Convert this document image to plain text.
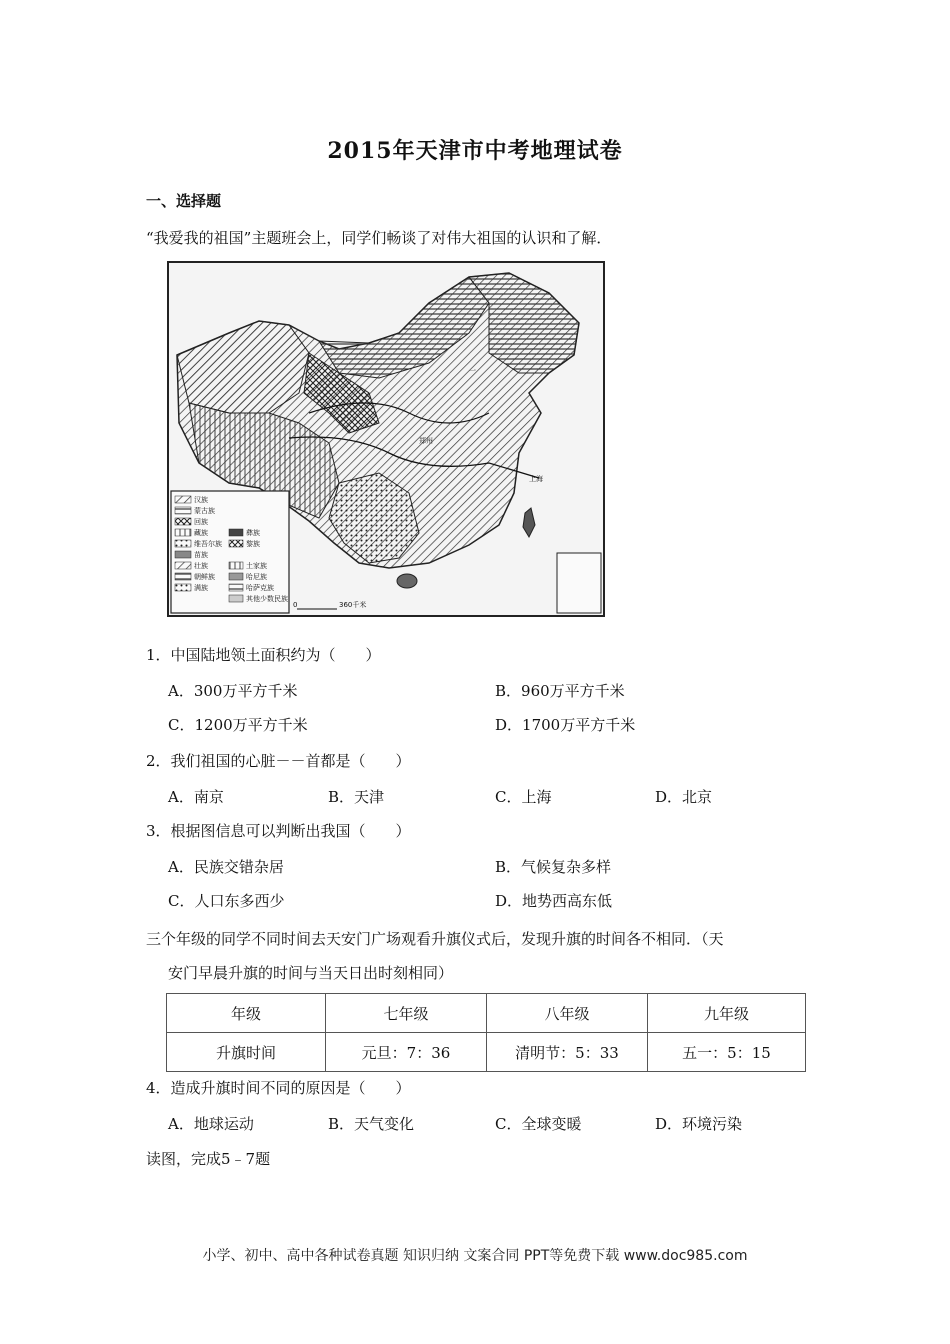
2015年天津市中考地理试卷
一、选择题
“我爱我的祖国”主题班会上，同学们畅谈了对伟大祖国的认识和了解．
汉族
蒙古族
回族
藏族
维吾尔族
苗族
壮族
朝鲜族
满族
彝族
黎族
土家族
哈尼族
哈萨克族
其他少数民族
上海
一
郑州
0	360千米
1．中国陆地领土面积约为（　　）
A．300万平方千米	B．960万平方千米
C．1200万平方千米	D．1700万平方千米
2．我们祖国的心脏－－首都是（　　）
A．南京	B．天津	C．上海	D．北京
3．根据图信息可以判断出我国（　　）
A．民族交错杂居	B．气候复杂多样
C．人口东多西少	D．地势西高东低
三个年级的同学不同时间去天安门广场观看升旗仪式后，发现升旗的时间各不相同．（天
安门早晨升旗的时间与当天日出时刻相同）
年级	七年级	八年级	九年级
升旗时间	元旦：7：36	清明节：5：33	五一：5：15
4．造成升旗时间不同的原因是（　　）
A．地球运动	B．天气变化	C．全球变暖	D．环境污染
读图，完成5﹣7题
小学、初中、高中各种试卷真题 知识归纳 文案合同 PPT等免费下载 www.doc985.com
